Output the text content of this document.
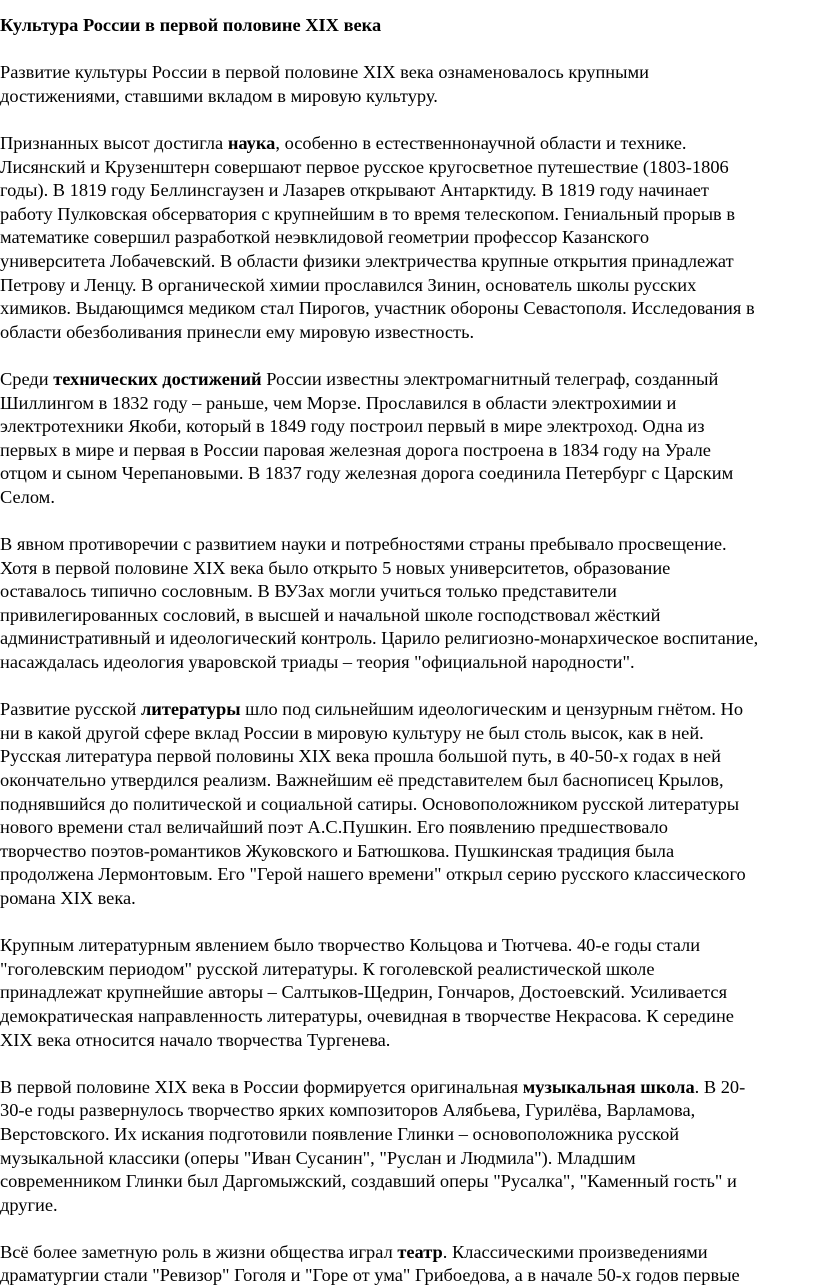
Культура России в первой половине XIX века

Развитие культуры России в первой половине XIX века ознаменовалось крупными
достижениями, ставшими вкладом в мировую культуру.
Признанных высот достигла наука, особенно в естественнонаучной области и технике.
Лисянский и Крузенштерн совершают первое русское кругосветное путешествие (1803-1806
годы). В 1819 году Беллинсгаузен и Лазарев открывают Антарктиду. В 1819 году начинает
работу Пулковская обсерватория с крупнейшим в то время телескопом. Гениальный прорыв в
математике совершил разработкой неэвклидовой геометрии профессор Казанского
университета Лобачевский. В области физики электричества крупные открытия принадлежат
Петрову и Ленцу. В органической химии прославился Зинин, основатель школы русских
химиков. Выдающимся медиком стал Пирогов, участник обороны Севастополя. Исследования в
области обезболивания принесли ему мировую известность.
Среди технических достижений России известны электромагнитный телеграф, созданный
Шиллингом в 1832 году – раньше, чем Морзе. Прославился в области электрохимии и
электротехники Якоби, который в 1849 году построил первый в мире электроход. Одна из
первых в мире и первая в России паровая железная дорога построена в 1834 году на Урале
отцом и сыном Черепановыми. В 1837 году железная дорога соединила Петербург с Царским
Селом.
В явном противоречии с развитием науки и потребностями страны пребывало просвещение.
Хотя в первой половине XIX века было открыто 5 новых университетов, образование
оставалось типично сословным. В ВУЗах могли учиться только представители
привилегированных сословий, в высшей и начальной школе господствовал жёсткий
административный и идеологический контроль. Царило религиозно-монархическое воспитание,
насаждалась идеология уваровской триады – теория "официальной народности".
Развитие русской литературы шло под сильнейшим идеологическим и цензурным гнётом. Но
ни в какой другой сфере вклад России в мировую культуру не был столь высок, как в ней.
Русская литература первой половины XIX века прошла большой путь, в 40-50-х годах в ней
окончательно утвердился реализм. Важнейшим её представителем был баснописец Крылов,
поднявшийся до политической и социальной сатиры. Основоположником русской литературы
нового времени стал величайший поэт А.С.Пушкин. Его появлению предшествовало
творчество поэтов-романтиков Жуковского и Батюшкова. Пушкинская традиция была
продолжена Лермонтовым. Его "Герой нашего времени" открыл серию русского классического
романа XIX века.
Крупным литературным явлением было творчество Кольцова и Тютчева. 40-е годы стали
"гоголевским периодом" русской литературы. К гоголевской реалистической школе
принадлежат крупнейшие авторы – Салтыков-Щедрин, Гончаров, Достоевский. Усиливается
демократическая направленность литературы, очевидная в творчестве Некрасова. К середине
XIX века относится начало творчества Тургенева.
В первой половине XIX века в России формируется оригинальная музыкальная школа. В 20-
30-е годы развернулось творчество ярких композиторов Алябьева, Гурилёва, Варламова,
Верстовского. Их искания подготовили появление Глинки – основоположника русской
музыкальной классики (оперы "Иван Сусанин", "Руслан и Людмила"). Младшим
современником Глинки был Даргомыжский, создавший оперы "Русалка", "Каменный гость" и
другие.
Всё более заметную роль в жизни общества играл театр. Классическими произведениями
драматургии стали "Ревизор" Гоголя и "Горе от ума" Грибоедова, а в начале 50-х годов первые
